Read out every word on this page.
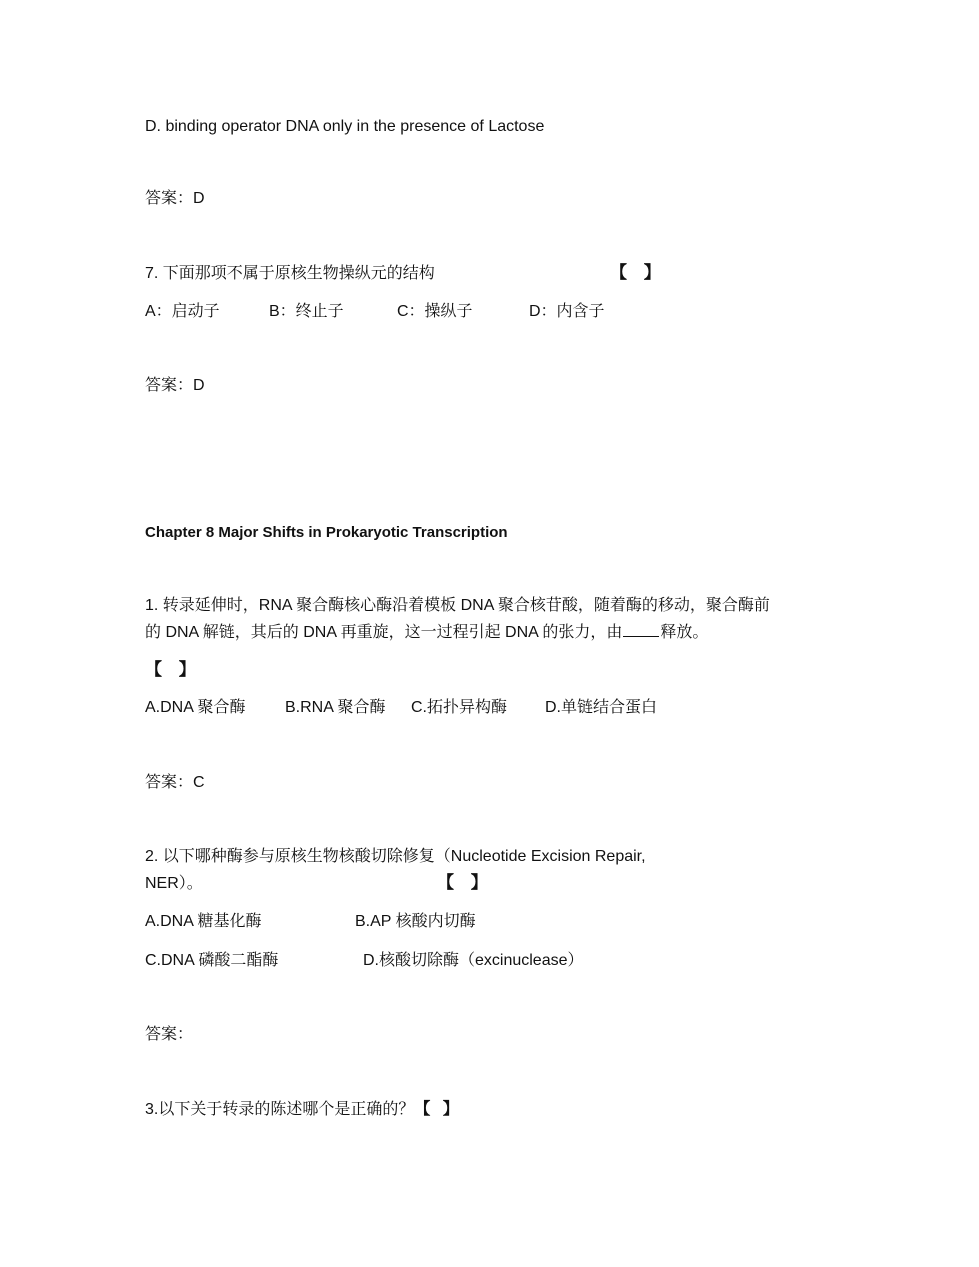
D. binding operator DNA only in the presence of Lactose
答案：D
7. 下面那项不属于原核生物操纵元的结构	【 】
A：启动子	B：终止子	C：操纵子	D：内含子
答案：D
Chapter 8 Major Shifts in Prokaryotic Transcription
1. 转录延伸时，RNA 聚合酶核心酶沿着模板 DNA 聚合核苷酸，随着酶的移动，聚合酶前
的 DNA 解链，其后的 DNA 再重旋，这一过程引起 DNA 的张力，由 释放。
【 】
A.DNA 聚合酶 B.RNA 聚合酶 C.拓扑异构酶 D.单链结合蛋白
答案：C
2. 以下哪种酶参与原核生物核酸切除修复（Nucleotide Excision Repair,
NER）。	【 】
A.DNA 糖基化酶	B.AP 核酸内切酶
C.DNA 磷酸二酯酶	D.核酸切除酶（excinuclease）
答案：
3.以下关于转录的陈述哪个是正确的？【 】
